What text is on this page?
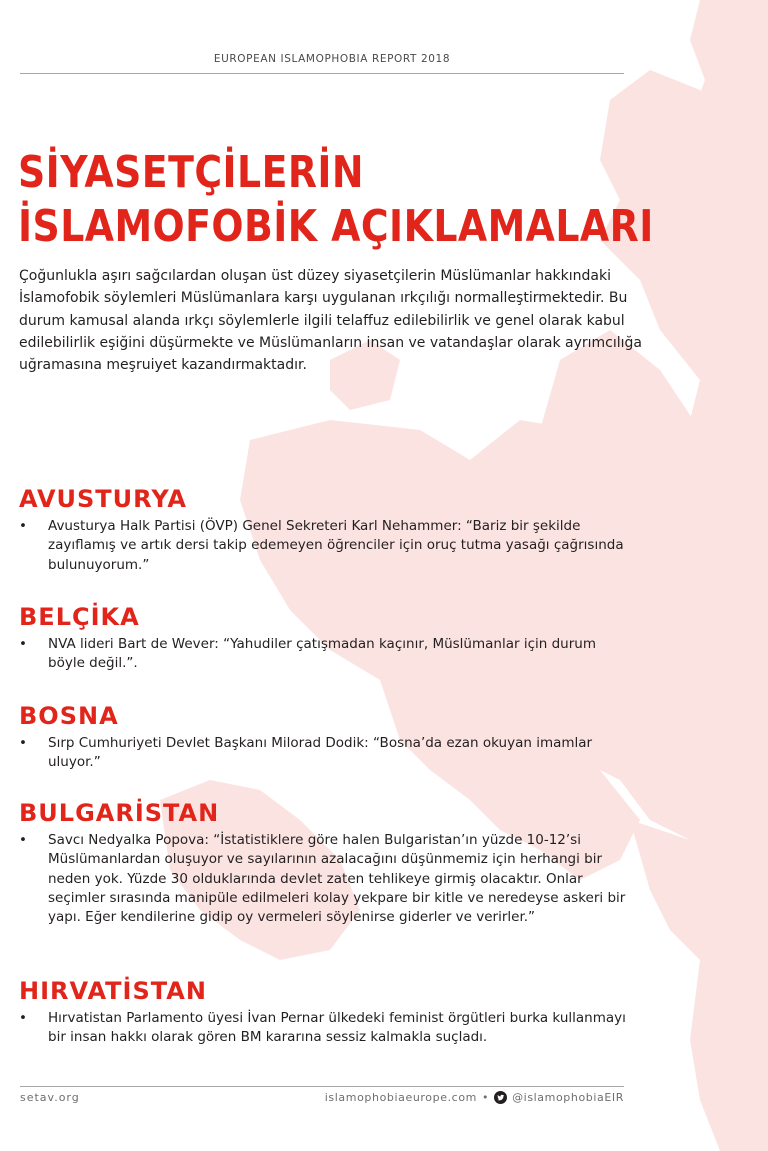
EUROPEAN ISLAMOPHOBIA REPORT 2018
SİYASETÇİLERİN
İSLAMOFOBİK AÇIKLAMALARI

Çoğunlukla aşırı sağcılardan oluşan üst düzey siyasetçilerin Müslümanlar hakkındaki İslamofobik söylemleri Müslümanlara karşı uygulanan ırkçılığı normalleştirmektedir. Bu durum kamusal alanda ırkçı söylemlerle ilgili telaffuz edilebilirlik ve genel olarak kabul edilebilirlik eşiğini düşürmekte ve Müslümanların insan ve vatandaşlar olarak ayrımcılığa uğramasına meşruiyet kazandırmaktadır.

AVUSTURYA
• Avusturya Halk Partisi (ÖVP) Genel Sekreteri Karl Nehammer: “Bariz bir şekilde zayıflamış ve artık dersi takip edemeyen öğrenciler için oruç tutma yasağı çağrısında bulunuyorum.”
BELÇİKA
• NVA lideri Bart de Wever: “Yahudiler çatışmadan kaçınır, Müslümanlar için durum böyle değil.”.
BOSNA
• Sırp Cumhuriyeti Devlet Başkanı Milorad Dodik: “Bosna’da ezan okuyan imamlar uluyor.”
BULGARİSTAN
• Savcı Nedyalka Popova: “İstatistiklere göre halen Bulgaristan’ın yüzde 10-12’si Müslümanlardan oluşuyor ve sayılarının azalacağını düşünmemiz için herhangi bir neden yok. Yüzde 30 olduklarında devlet zaten tehlikeye girmiş olacaktır. Onlar seçimler sırasında manipüle edilmeleri kolay yekpare bir kitle ve neredeyse askeri bir yapı. Eğer kendilerine gidip oy vermeleri söylenirse giderler ve verirler.”
HIRVATİSTAN
• Hırvatistan Parlamento üyesi İvan Pernar ülkedeki feminist örgütleri burka kullanmayı bir insan hakkı olarak gören BM kararına sessiz kalmakla suçladı.
setav.org	islamophobiaeurope.com • @islamophobiaEIR
